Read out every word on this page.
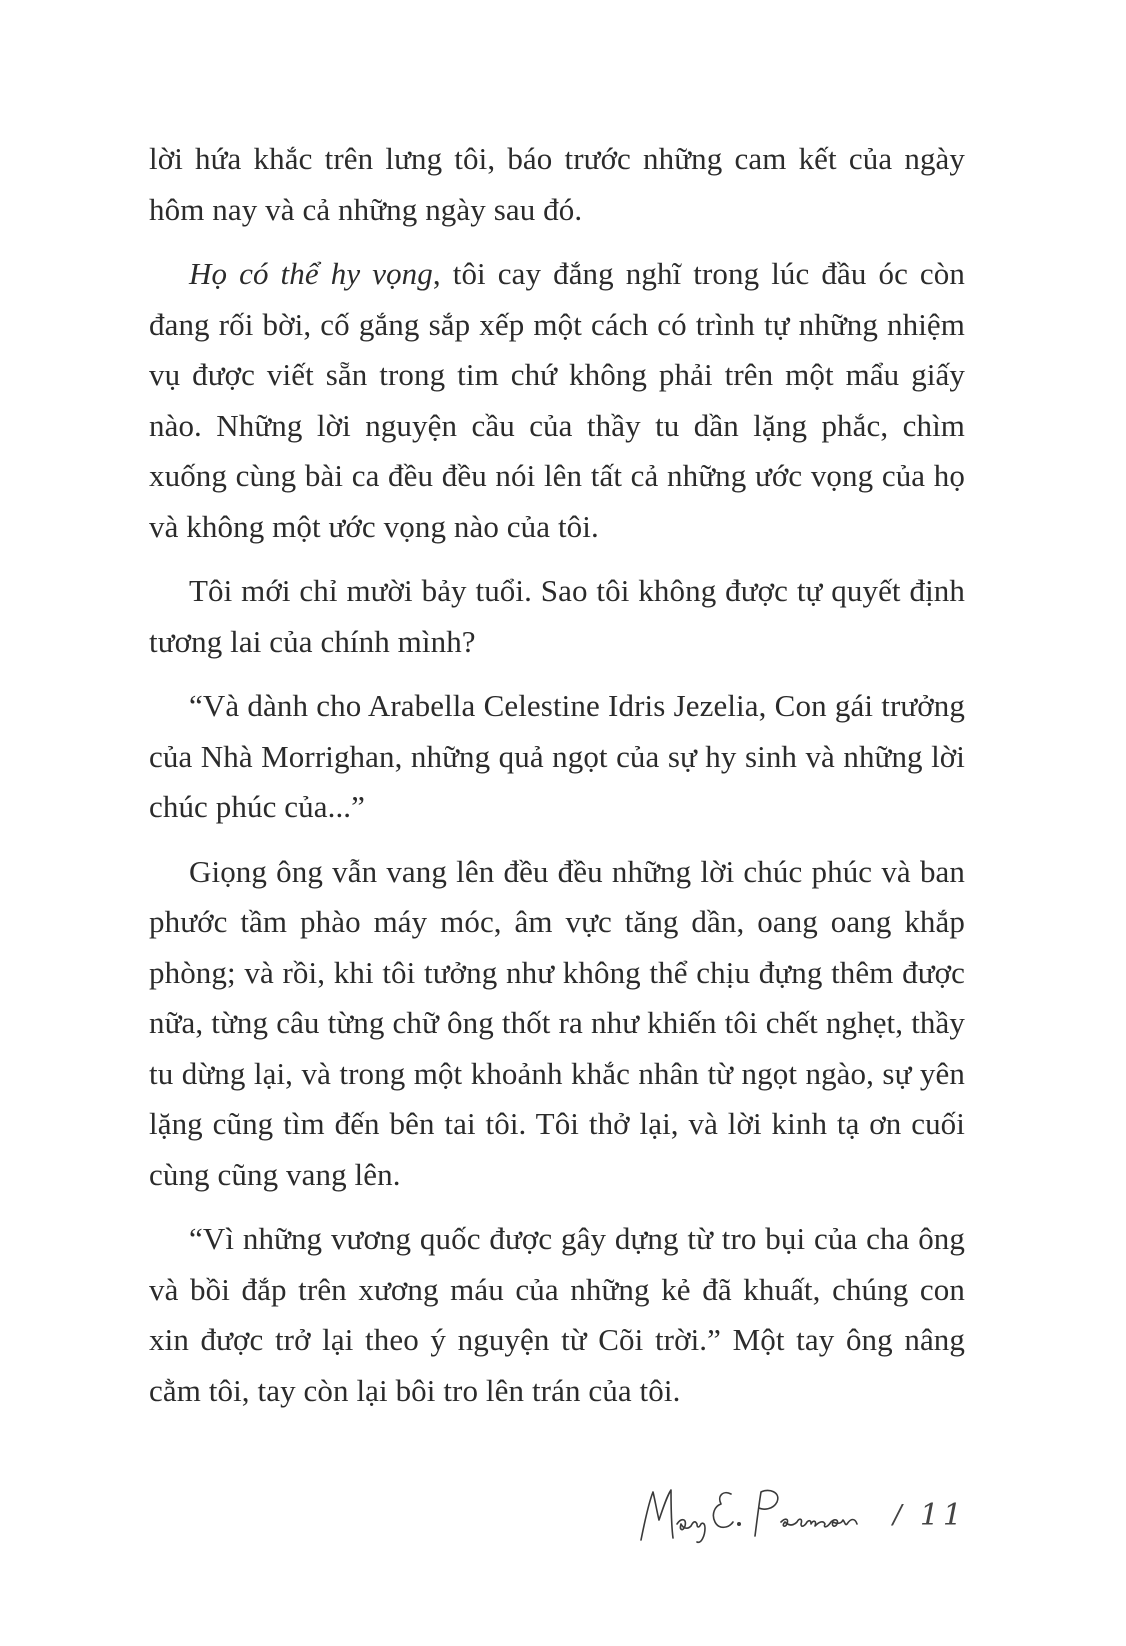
lời hứa khắc trên lưng tôi, báo trước những cam kết của ngày hôm nay và cả những ngày sau đó.

Họ có thể hy vọng, tôi cay đắng nghĩ trong lúc đầu óc còn đang rối bời, cố gắng sắp xếp một cách có trình tự những nhiệm vụ được viết sẵn trong tim chứ không phải trên một mẩu giấy nào. Những lời nguyện cầu của thầy tu dần lặng phắc, chìm xuống cùng bài ca đều đều nói lên tất cả những ước vọng của họ và không một ước vọng nào của tôi.

Tôi mới chỉ mười bảy tuổi. Sao tôi không được tự quyết định tương lai của chính mình?

“Và dành cho Arabella Celestine Idris Jezelia, Con gái trưởng của Nhà Morrighan, những quả ngọt của sự hy sinh và những lời chúc phúc của...”

Giọng ông vẫn vang lên đều đều những lời chúc phúc và ban phước tầm phào máy móc, âm vực tăng dần, oang oang khắp phòng; và rồi, khi tôi tưởng như không thể chịu đựng thêm được nữa, từng câu từng chữ ông thốt ra như khiến tôi chết nghẹt, thầy tu dừng lại, và trong một khoảnh khắc nhân từ ngọt ngào, sự yên lặng cũng tìm đến bên tai tôi. Tôi thở lại, và lời kinh tạ ơn cuối cùng cũng vang lên.

“Vì những vương quốc được gây dựng từ tro bụi của cha ông và bồi đắp trên xương máu của những kẻ đã khuất, chúng con xin được trở lại theo ý nguyện từ Cõi trời.” Một tay ông nâng cằm tôi, tay còn lại bôi tro lên trán của tôi.

/ 11
